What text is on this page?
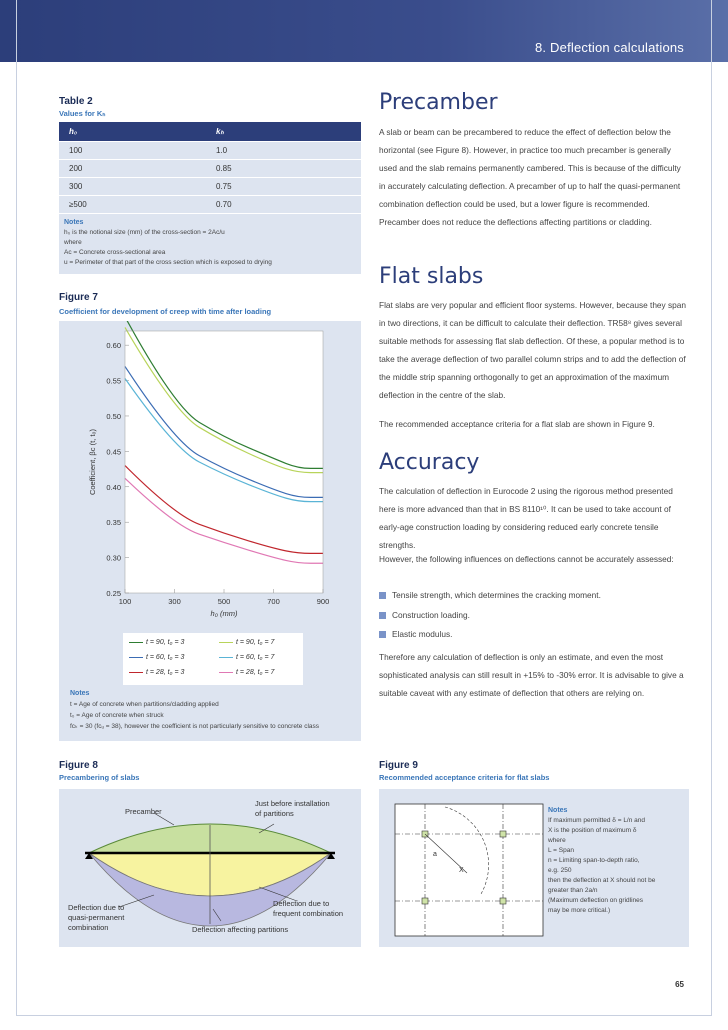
8. Deflection calculations
Table 2
Values for Kₕ
h₀	kₕ
100	1.0
200	0.85
300	0.75
≥500	0.70
Notes
h₀ is the notional size (mm) of the cross-section = 2Aᴄ/u
where
Aᴄ = Concrete cross-sectional area
u = Perimeter of that part of the cross section which is exposed to drying
Figure 7
Coefficient for development of creep with time after loading
0.25
0.30
0.35
0.40
0.45
0.50
0.55
0.60
100	300	500	700	900
h₀ (mm)
Coefficient, βᴄ (t, t₀)
t = 90, t₀ = 3	t = 90, t₀ = 7
t = 60, t₀ = 3	t = 60, t₀ = 7
t = 28, t₀ = 3	t = 28, t₀ = 7
Notes
t = Age of concrete when partitions/cladding applied
t₀ = Age of concrete when struck
fᴄₖ = 30 (fᴄᵤ = 38), however the coefficient is not particularly sensitive to concrete class
Precamber
A slab or beam can be precambered to reduce the effect of deflection below the horizontal (see Figure 8). However, in practice too much precamber is generally used and the slab remains permanently cambered. This is because of the difficulty in accurately calculating deflection. A precamber of up to half the quasi-permanent combination deflection could be used, but a lower figure is recommended. Precamber does not reduce the deflections affecting partitions or cladding.
Flat slabs
Flat slabs are very popular and efficient floor systems. However, because they span in two directions, it can be difficult to calculate their deflection. TR58⁸ gives several suitable methods for assessing flat slab deflection. Of these, a popular method is to take the average deflection of two parallel column strips and to add the deflection of the middle strip spanning orthogonally to get an approximation of the maximum deflection in the centre of the slab.
The recommended acceptance criteria for a flat slab are shown in Figure 9.
Accuracy
The calculation of deflection in Eurocode 2 using the rigorous method presented here is more advanced than that in BS 8110¹⁰. It can be used to take account of early-age construction loading by considering reduced early concrete tensile strengths.
However, the following influences on deflections cannot be accurately assessed:
Tensile strength, which determines the cracking moment.
Construction loading.
Elastic modulus.
Therefore any calculation of deflection is only an estimate, and even the most sophisticated analysis can still result in +15% to -30% error. It is advisable to give a suitable caveat with any estimate of deflection that others are relying on.
Figure 8
Precambering of slabs
Precamber
Just before installation
of partitions
Deflection due to
quasi-permanent
combination
Deflection due to
frequent combination
Deflection affecting partitions
Figure 9
Recommended acceptance criteria for flat slabs
a
X
Notes
If maximum permitted δ = L/n and
X is the position of maximum δ
where
L = Span
n = Limiting span-to-depth ratio,
e.g. 250
then the deflection at X should not be
greater than 2a/n
(Maximum deflection on gridlines
may be more critical.)
65
